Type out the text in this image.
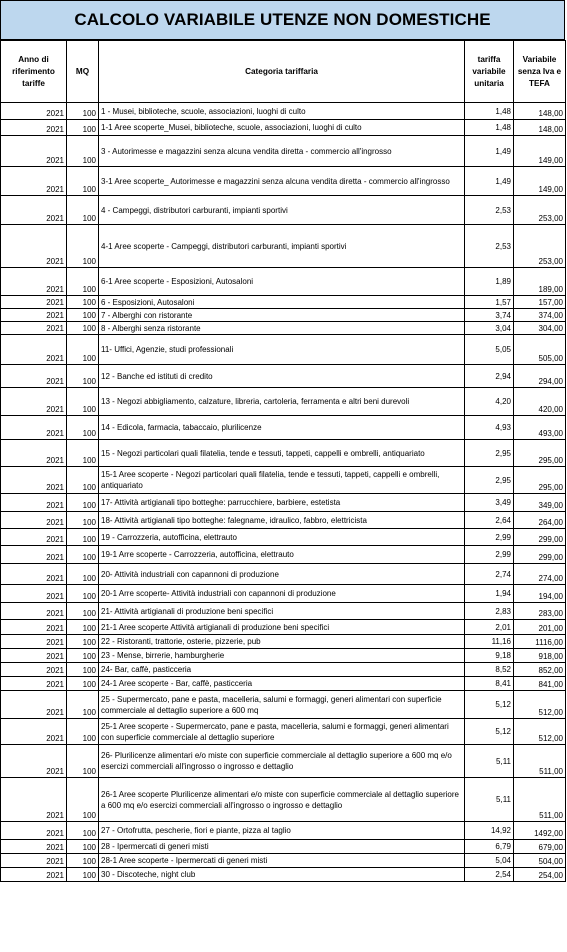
CALCOLO VARIABILE UTENZE NON DOMESTICHE
Anno di riferimento tariffe	MQ	Categoria tariffaria	tariffa variabile unitaria	Variabile senza Iva e TEFA
2021	100	1 - Musei, biblioteche, scuole, associazioni, luoghi di culto	1,48	148,00
2021	100	1-1 Aree scoperte_Musei, biblioteche, scuole, associazioni, luoghi di culto	1,48	148,00
2021	100	3 - Autorimesse e magazzini senza alcuna vendita diretta - commercio all'ingrosso	1,49	149,00
2021	100	3-1 Aree scoperte_ Autorimesse e magazzini senza alcuna vendita diretta - commercio all'ingrosso	1,49	149,00
2021	100	4 - Campeggi, distributori carburanti, impianti sportivi	2,53	253,00
2021	100	4-1 Aree scoperte - Campeggi, distributori carburanti, impianti sportivi	2,53	253,00
2021	100	6-1 Aree scoperte - Esposizioni, Autosaloni	1,89	189,00
2021	100	6 - Esposizioni, Autosaloni	1,57	157,00
2021	100	7 - Alberghi con ristorante	3,74	374,00
2021	100	8 - Alberghi senza ristorante	3,04	304,00
2021	100	11- Uffici, Agenzie, studi professionali	5,05	505,00
2021	100	12 - Banche ed istituti di credito	2,94	294,00
2021	100	13 - Negozi abbigliamento, calzature, libreria, cartoleria, ferramenta e altri beni durevoli	4,20	420,00
2021	100	14 - Edicola, farmacia, tabaccaio, plurilicenze	4,93	493,00
2021	100	15 - Negozi particolari quali filatelia, tende e tessuti, tappeti, cappelli e ombrelli, antiquariato	2,95	295,00
2021	100	15-1 Aree scoperte - Negozi particolari quali filatelia, tende e tessuti, tappeti, cappelli e ombrelli, antiquariato	2,95	295,00
2021	100	17- Attività artigianali tipo botteghe: parrucchiere, barbiere, estetista	3,49	349,00
2021	100	18- Attività artigianali tipo botteghe: falegname, idraulico, fabbro, elettricista	2,64	264,00
2021	100	19 - Carrozzeria, autofficina, elettrauto	2,99	299,00
2021	100	19-1 Arre scoperte - Carrozzeria, autofficina, elettrauto	2,99	299,00
2021	100	20- Attività industriali con capannoni di produzione	2,74	274,00
2021	100	20-1 Arre scoperte- Attività industriali con capannoni di produzione	1,94	194,00
2021	100	21- Attività artigianali di produzione beni specifici	2,83	283,00
2021	100	21-1 Aree scoperte Attività artigianali di produzione beni specifici	2,01	201,00
2021	100	22 - Ristoranti, trattorie, osterie, pizzerie, pub	11,16	1116,00
2021	100	23 - Mense, birrerie, hamburgherie	9,18	918,00
2021	100	24- Bar, caffè, pasticceria	8,52	852,00
2021	100	24-1 Aree scoperte - Bar, caffè, pasticceria	8,41	841,00
2021	100	25 - Supermercato, pane e pasta, macelleria, salumi e formaggi, generi alimentari con superficie commerciale al dettaglio superiore a 600 mq	5,12	512,00
2021	100	25-1 Aree scoperte - Supermercato, pane e pasta, macelleria, salumi e formaggi, generi alimentari con superficie commerciale al dettaglio superiore	5,12	512,00
2021	100	26- Plurilicenze alimentari e/o miste con superficie commerciale al dettaglio superiore a 600 mq e/o esercizi commerciali all'ingrosso o ingrosso e dettaglio	5,11	511,00
2021	100	26-1 Aree scoperte Plurilicenze alimentari e/o miste con superficie commerciale al dettaglio superiore a 600 mq e/o esercizi commerciali all'ingrosso o ingrosso e dettaglio	5,11	511,00
2021	100	27 - Ortofrutta, pescherie, fiori e piante, pizza al taglio	14,92	1492,00
2021	100	28 - Ipermercati di generi misti	6,79	679,00
2021	100	28-1 Aree scoperte - Ipermercati di generi misti	5,04	504,00
2021	100	30 - Discoteche, night club	2,54	254,00
